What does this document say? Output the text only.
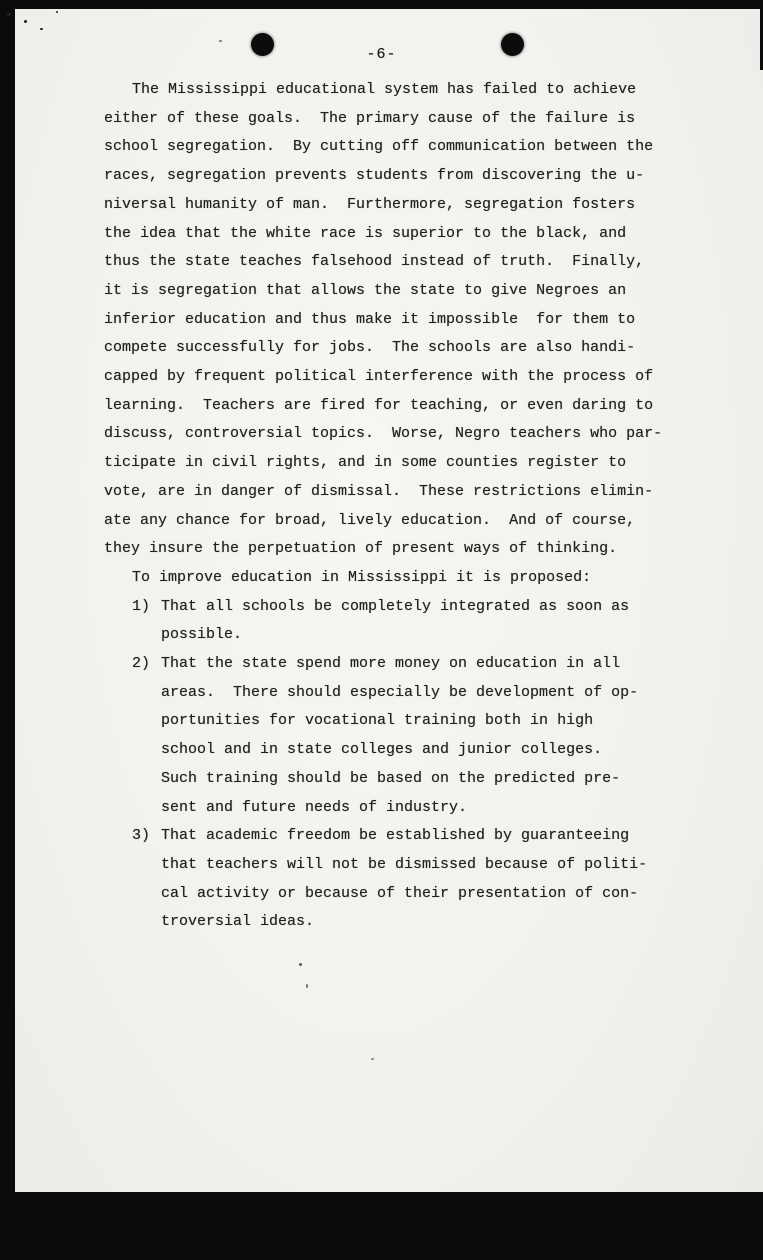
-6-
The Mississippi educational system has failed to achieve
either of these goals.  The primary cause of the failure is
school segregation.  By cutting off communication between the
races, segregation prevents students from discovering the u-
niversal humanity of man.  Furthermore, segregation fosters
the idea that the white race is superior to the black, and
thus the state teaches falsehood instead of truth.  Finally,
it is segregation that allows the state to give Negroes an
inferior education and thus make it impossible  for them to
compete successfully for jobs.  The schools are also handi-
capped by frequent political interference with the process of
learning.  Teachers are fired for teaching, or even daring to
discuss, controversial topics.  Worse, Negro teachers who par-
ticipate in civil rights, and in some counties register to
vote, are in danger of dismissal.  These restrictions elimin-
ate any chance for broad, lively education.  And of course,
they insure the perpetuation of present ways of thinking.
To improve education in Mississippi it is proposed:
1) That all schools be completely integrated as soon as
possible.
2) That the state spend more money on education in all
areas.  There should especially be development of op-
portunities for vocational training both in high
school and in state colleges and junior colleges.
Such training should be based on the predicted pre-
sent and future needs of industry.
3) That academic freedom be established by guaranteeing
that teachers will not be dismissed because of politi-
cal activity or because of their presentation of con-
troversial ideas.
